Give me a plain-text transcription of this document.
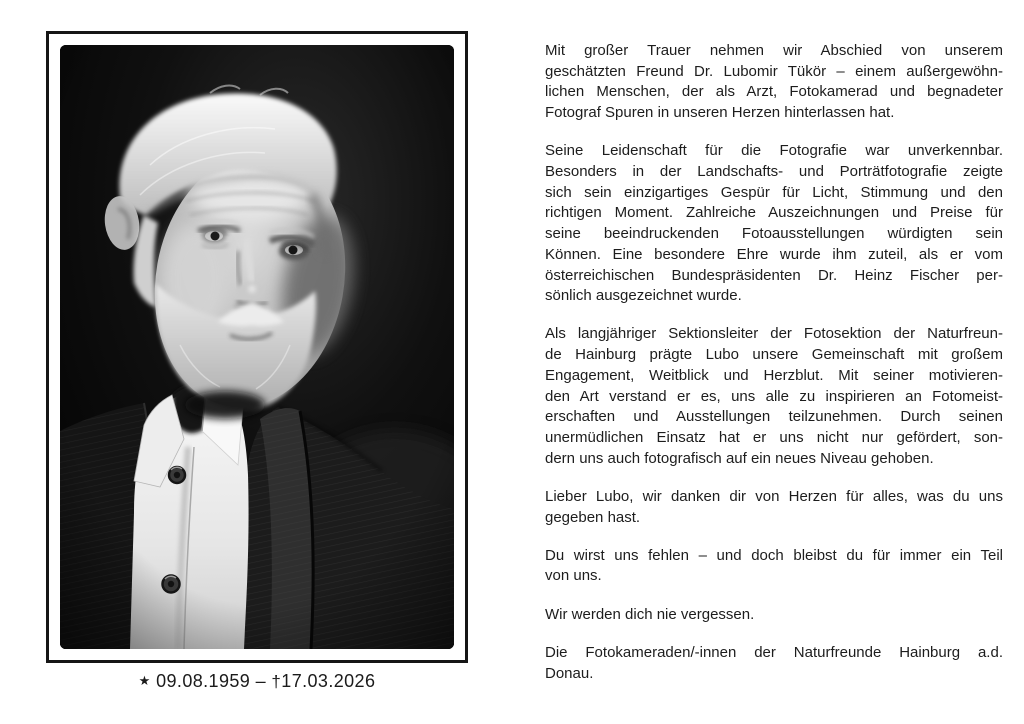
★ 09.08.1959 – †17.03.2026
Mit großer Trauer nehmen wir Abschied von unserem
geschätzten Freund Dr. Lubomir Tükör – einem außergewöhn-
lichen Menschen, der als Arzt, Fotokamerad und begnadeter
Fotograf Spuren in unseren Herzen hinterlassen hat.
Seine Leidenschaft für die Fotografie war unverkennbar.
Besonders in der Landschafts- und Porträtfotografie zeigte
sich sein einzigartiges Gespür für Licht, Stimmung und den
richtigen Moment. Zahlreiche Auszeichnungen und Preise für
seine beeindruckenden Fotoausstellungen würdigten sein
Können. Eine besondere Ehre wurde ihm zuteil, als er vom
österreichischen Bundespräsidenten Dr. Heinz Fischer per-
sönlich ausgezeichnet wurde.
Als langjähriger Sektionsleiter der Fotosektion der Naturfreun-
de Hainburg prägte Lubo unsere Gemeinschaft mit großem
Engagement, Weitblick und Herzblut. Mit seiner motivieren-
den Art verstand er es, uns alle zu inspirieren an Fotomeist-
erschaften und Ausstellungen teilzunehmen. Durch seinen
unermüdlichen Einsatz hat er uns nicht nur gefördert, son-
dern uns auch fotografisch auf ein neues Niveau gehoben.
Lieber Lubo, wir danken dir von Herzen für alles, was du uns
gegeben hast.
Du wirst uns fehlen – und doch bleibst du für immer ein Teil
von uns.
Wir werden dich nie vergessen.
Die Fotokameraden/-innen der Naturfreunde Hainburg a.d.
Donau.
